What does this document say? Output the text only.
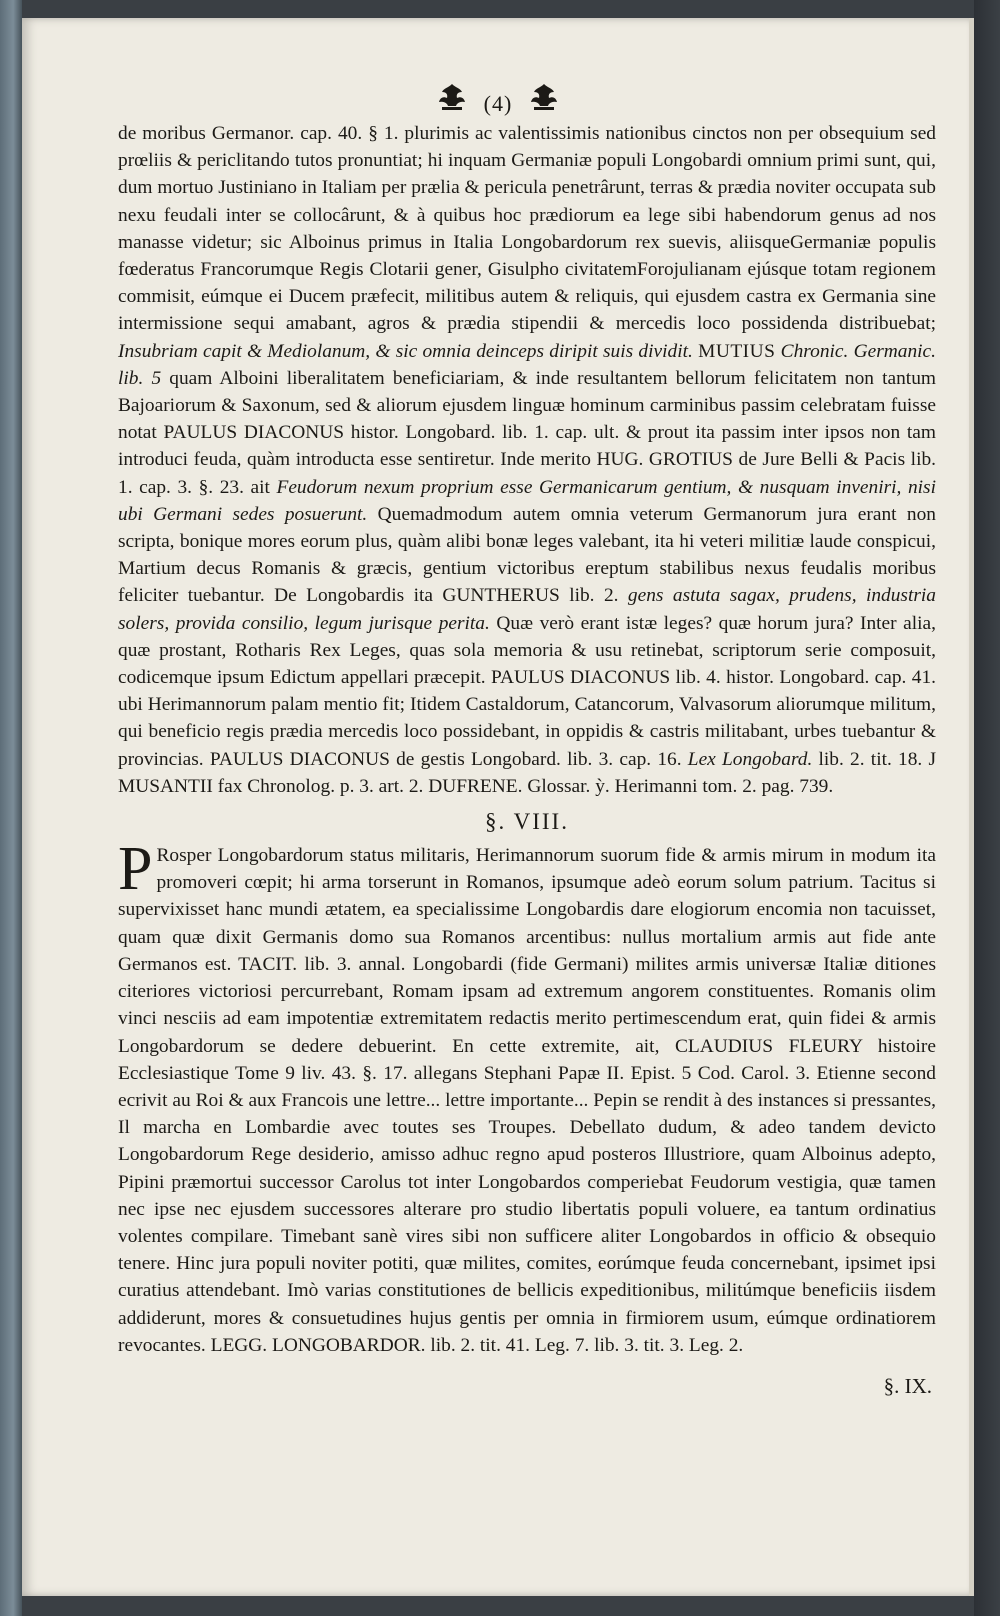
(4)

de moribus Germanor. cap. 40. § 1. plurimis ac valentissimis nationibus cinctos non per obsequium sed prœliis & periclitando tutos pronuntiat; hi inquam Germaniæ populi Longobardi omnium primi sunt, qui, dum mortuo Justiniano in Italiam per prælia & pericula penetrârunt, terras & prædia noviter occupata sub nexu feudali inter se collocârunt, & à quibus hoc prædiorum ea lege sibi habendorum genus ad nos manasse videtur; sic Alboinus primus in Italia Longobardorum rex suevis, aliisqueGermaniæ populis fœderatus Francorumque Regis Clotarii gener, Gisulpho civitatemForojulianam ejúsque totam regionem commisit, eúmque ei Ducem præfecit, militibus autem & reliquis, qui ejusdem castra ex Germania sine intermissione sequi amabant, agros & prædia stipendii & mercedis loco possidenda distribuebat; Insubriam capit & Mediolanum, & sic omnia deinceps diripit suis dividit. MUTIUS Chronic. Germanic. lib. 5 quam Alboini liberalitatem beneficiariam, & inde resultantem bellorum felicitatem non tantum Bajoariorum & Saxonum, sed & aliorum ejusdem linguæ hominum carminibus passim celebratam fuisse notat PAULUS DIACONUS histor. Longobard. lib. 1. cap. ult. & prout ita passim inter ipsos non tam introduci feuda, quàm introducta esse sentiretur. Inde merito HUG. GROTIUS de Jure Belli & Pacis lib. 1. cap. 3. §. 23. ait Feudorum nexum proprium esse Germanicarum gentium, & nusquam inveniri, nisi ubi Germani sedes posuerunt. Quemadmodum autem omnia veterum Germanorum jura erant non scripta, bonique mores eorum plus, quàm alibi bonæ leges valebant, ita hi veteri militiæ laude conspicui, Martium decus Romanis & græcis, gentium victoribus ereptum stabilibus nexus feudalis moribus feliciter tuebantur. De Longobardis ita GUNTHERUS lib. 2. gens astuta sagax, prudens, industria solers, provida consilio, legum jurisque perita. Quæ verò erant istæ leges? quæ horum jura? Inter alia, quæ prostant, Rotharis Rex Leges, quas sola memoria & usu retinebat, scriptorum serie composuit, codicemque ipsum Edictum appellari præcepit. PAULUS DIACONUS lib. 4. histor. Longobard. cap. 41. ubi Herimannorum palam mentio fit; Itidem Castaldorum, Catancorum, Valvasorum aliorumque militum, qui beneficio regis prædia mercedis loco possidebant, in oppidis & castris militabant, urbes tuebantur & provincias. PAULUS DIACONUS de gestis Longobard. lib. 3. cap. 16. Lex Longobard. lib. 2. tit. 18. J MUSANTII fax Chronolog. p. 3. art. 2. DUFRENE. Glossar. ỳ. Herimanni tom. 2. pag. 739.

§. VIII.

P Rosper Longobardorum status militaris, Herimannorum suorum fide & armis mirum in modum ita promoveri cœpit; hi arma torserunt in Romanos, ipsumque adeò eorum solum patrium. Tacitus si supervixisset hanc mundi ætatem, ea specialissime Longobardis dare elogiorum encomia non tacuisset, quam quæ dixit Germanis domo sua Romanos arcentibus: nullus mortalium armis aut fide ante Germanos est. TACIT. lib. 3. annal. Longobardi (fide Germani) milites armis universæ Italiæ ditiones citeriores victoriosi percurrebant, Romam ipsam ad extremum angorem constituentes. Romanis olim vinci nesciis ad eam impotentiæ extremitatem redactis merito pertimescendum erat, quin fidei & armis Longobardorum se dedere debuerint. En cette extremite, ait, CLAUDIUS FLEURY histoire Ecclesiastique Tome 9 liv. 43. §. 17. allegans Stephani Papæ II. Epist. 5 Cod. Carol. 3. Etienne second ecrivit au Roi & aux Francois une lettre... lettre importante... Pepin se rendit à des instances si pressantes, Il marcha en Lombardie avec toutes ses Troupes. Debellato dudum, & adeo tandem devicto Longobardorum Rege desiderio, amisso adhuc regno apud posteros Illustriore, quam Alboinus adepto, Pipini præmortui successor Carolus tot inter Longobardos comperiebat Feudorum vestigia, quæ tamen nec ipse nec ejusdem successores alterare pro studio libertatis populi voluere, ea tantum ordinatius volentes compilare. Timebant sanè vires sibi non sufficere aliter Longobardos in officio & obsequio tenere. Hinc jura populi noviter potiti, quæ milites, comites, eorúmque feuda concernebant, ipsimet ipsi curatius attendebant. Imò varias constitutiones de bellicis expeditionibus, militúmque beneficiis iisdem addiderunt, mores & consuetudines hujus gentis per omnia in firmiorem usum, eúmque ordinatiorem revocantes. LEGG. LONGOBARDOR. lib. 2. tit. 41. Leg. 7. lib. 3. tit. 3. Leg. 2.

§. IX.
